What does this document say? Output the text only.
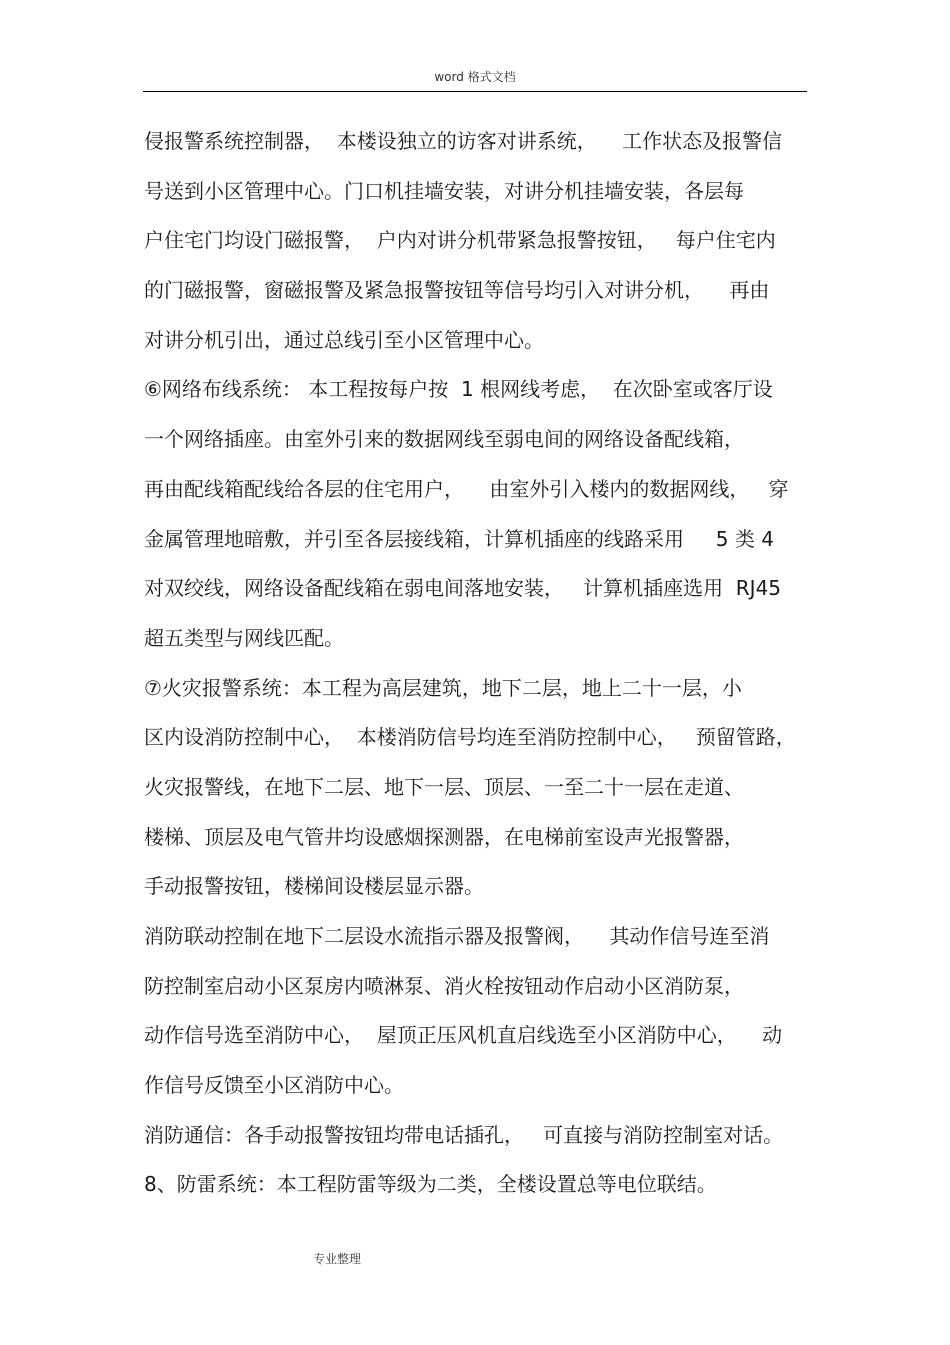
word 格式文档
侵报警系统控制器，  本楼设独立的访客对讲系统，    工作状态及报警信
号送到小区管理中心。门口机挂墙安装，对讲分机挂墙安装，各层每
户住宅门均设门磁报警，  户内对讲分机带紧急报警按钮，   每户住宅内
的门磁报警，窗磁报警及紧急报警按钮等信号均引入对讲分机，    再由
对讲分机引出，通过总线引至小区管理中心。
⑥网络布线系统： 本工程按每户按  1 根网线考虑，  在次卧室或客厅设
一个网络插座。由室外引来的数据网线至弱电间的网络设备配线箱，
再由配线箱配线给各层的住宅用户，    由室外引入楼内的数据网线，   穿
金属管理地暗敷，并引至各层接线箱，计算机插座的线路采用     5 类 4
对双绞线，网络设备配线箱在弱电间落地安装，   计算机插座选用  RJ45
超五类型与网线匹配。
⑦火灾报警系统：本工程为高层建筑，地下二层，地上二十一层，小
区内设消防控制中心，  本楼消防信号均连至消防控制中心，   预留管路，
火灾报警线，在地下二层、地下一层、顶层、一至二十一层在走道、
楼梯、顶层及电气管井均设感烟探测器，在电梯前室设声光报警器，
手动报警按钮，楼梯间设楼层显示器。
消防联动控制在地下二层设水流指示器及报警阀，    其动作信号连至消
防控制室启动小区泵房内喷淋泵、消火栓按钮动作启动小区消防泵，
动作信号选至消防中心，  屋顶正压风机直启线选至小区消防中心，    动
作信号反馈至小区消防中心。
消防通信：各手动报警按钮均带电话插孔，   可直接与消防控制室对话。
8、防雷系统：本工程防雷等级为二类，全楼设置总等电位联结。
专业整理
